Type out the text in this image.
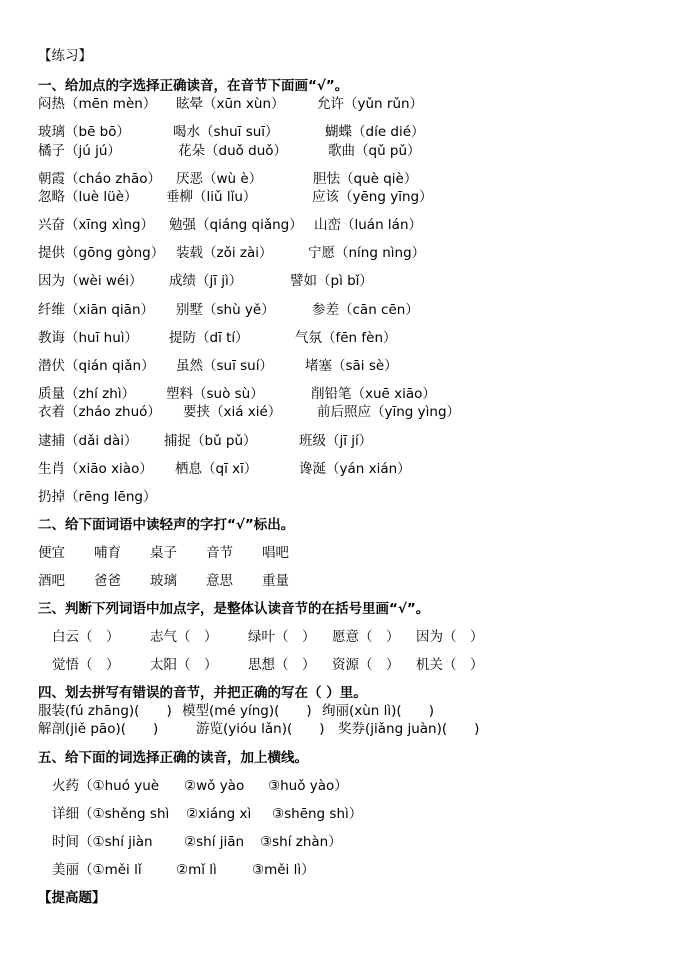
【练习】
一、给加点的字选择正确读音，在音节下面画“√”。
闷热（mēn mèn） 眩晕（xūn xùn） 允许（yǔn rǔn）
玻璃（bē bō）	喝水（shuī suī）	蝴蝶（díe dié）
橘子（jú jú）	花朵（duǒ duǒ）	歌曲（qǔ pǔ）
朝霞（cháo zhāo） 厌恶（wù è）	胆怯（què qiè）
忽略（luè lüè） 垂柳（liǔ lǐu）	应该（yēng yīng）
兴奋（xīng xìng） 勉强（qiáng qiǎng） 山峦（luán lán）
提供（gōng gòng） 装载（zǒi zài）	宁愿（níng nìng）
因为（wèi wéi） 成绩（jī jì）	譬如（pì bǐ）
纤维（xiān qiān） 别墅（shù yě）	参差（cān cēn）
教诲（huī huì） 提防（dī tí）	气氛（fēn fèn）
潜伏（qián qiǎn） 虽然（suī suí） 堵塞（sāi sè）
质量（zhí zhì） 塑料（suò sù）	削铅笔（xuē xiāo）
衣着（zháo zhuó） 要挟（xiá xié）	前后照应（yīng yìng）
逮捕（dǎi dài） 捕捉（bǔ pǔ）	班级（jī jí）
生肖（xiāo xiào） 栖息（qī xī）	谗涎（yán xián）
扔掉（rēng lēng）
二、给下面词语中读轻声的字打“√”标出。
便宜 哺育 桌子 音节 唱吧
酒吧 爸爸 玻璃 意思 重量
三、判断下列词语中加点字，是整体认读音节的在括号里画“√”。
白云（　） 志气（　） 绿叶（　） 愿意（　） 因为（　）
觉悟（　） 太阳（　） 思想（　） 资源（　） 机关（　）
四、划去拼写有错误的音节，并把正确的写在（ ）里。
服装(fú zhāng)(　　) 模型(mé yíng)(　　) 绚丽(xùn lì)(　　)
解剖(jiě pāo)(　　)	游览(yióu lǎn)(　　) 奖券(jiǎng juàn)(　　)
五、给下面的词选择正确的读音，加上横线。
火药（①huó yuè ②wǒ yào ③huǒ yào）
详细（①shěng shì ②xiáng xì ③shēng shì）
时间（①shí jiàn ②shí jiān ③shí zhàn）
美丽（①měi lǐ	②mǐ lì	③měi lì）
【提高题】
